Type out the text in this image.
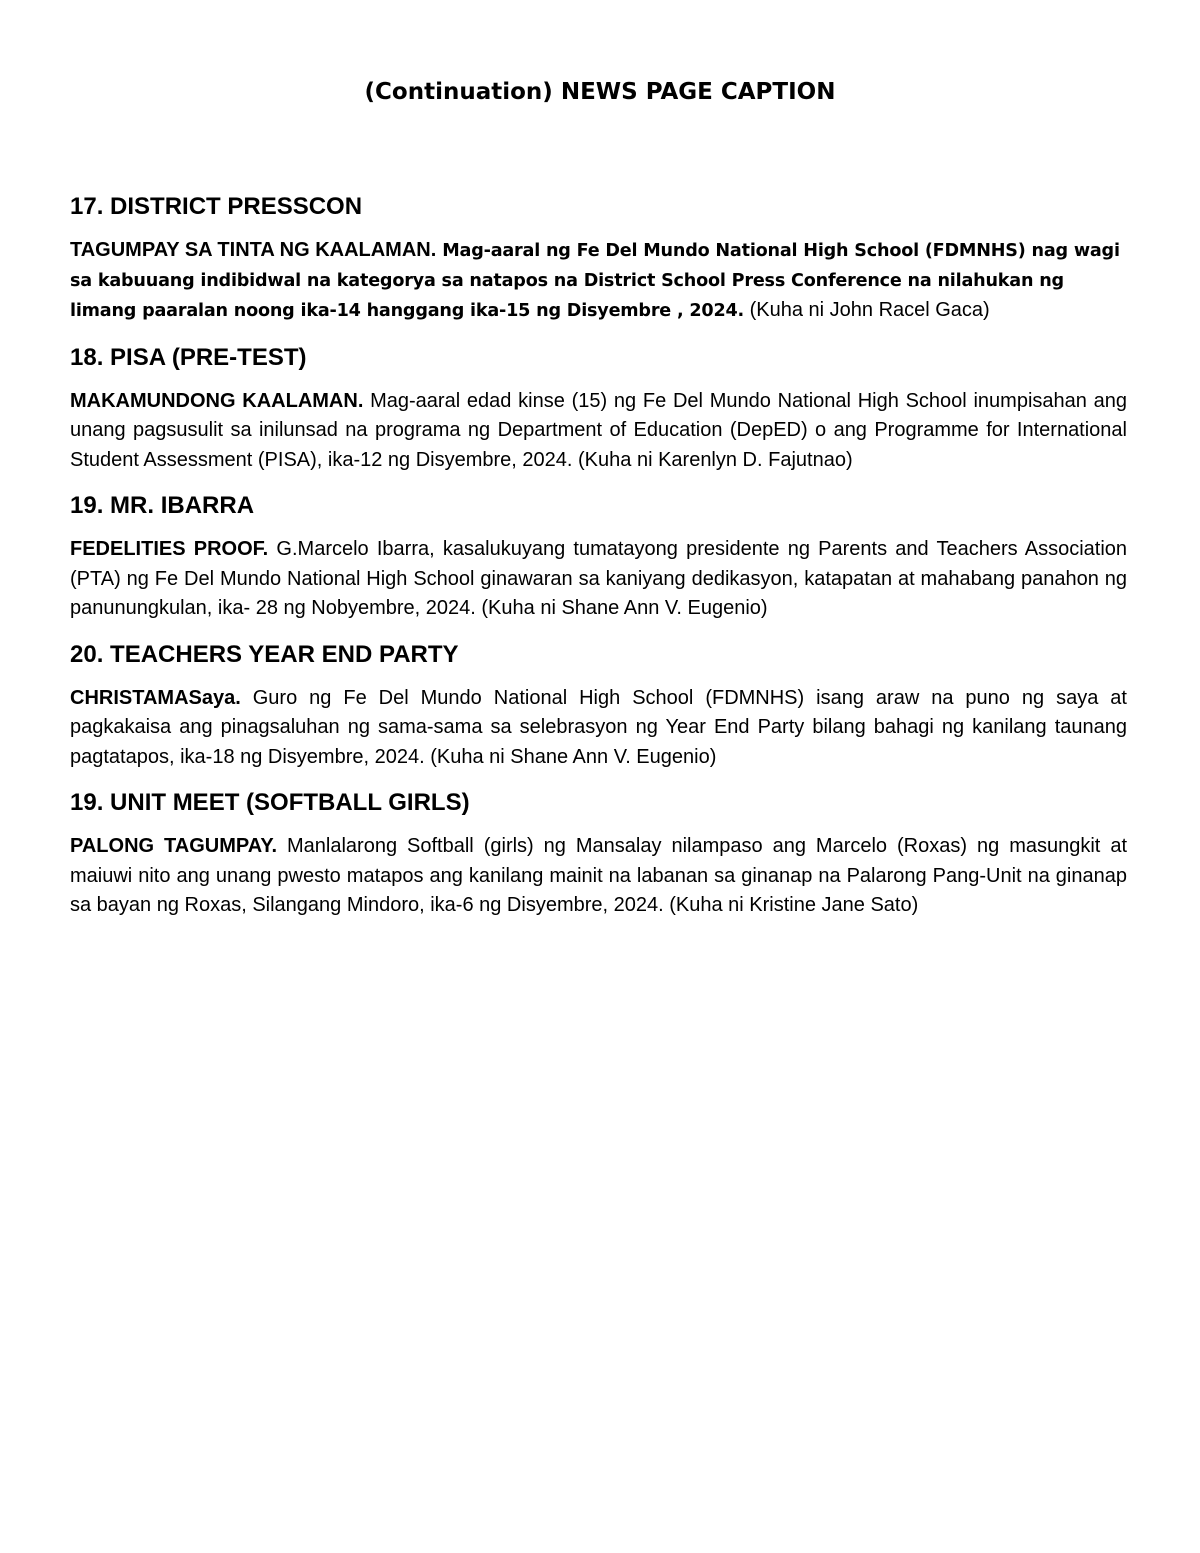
(Continuation) NEWS PAGE CAPTION
17. DISTRICT PRESSCON

TAGUMPAY SA TINTA NG KAALAMAN. Mag-aaral ng Fe Del Mundo National High School (FDMNHS) nag wagi sa kabuuang indibidwal na kategorya sa natapos na District School Press Conference na nilahukan ng limang paaralan noong ika-14 hanggang ika-15 ng Disyembre , 2024. (Kuha ni John Racel Gaca)

18. PISA (PRE-TEST)

MAKAMUNDONG KAALAMAN. Mag-aaral edad kinse (15) ng Fe Del Mundo National High School inumpisahan ang unang pagsusulit sa inilunsad na programa ng Department of Education (DepED) o ang Programme for International Student Assessment (PISA), ika-12 ng Disyembre, 2024. (Kuha ni Karenlyn D. Fajutnao)

19. MR. IBARRA

FEDELITIES PROOF. G.Marcelo Ibarra, kasalukuyang tumatayong presidente ng Parents and Teachers Association (PTA) ng Fe Del Mundo National High School ginawaran sa kaniyang dedikasyon, katapatan at mahabang panahon ng panunungkulan, ika- 28 ng Nobyembre, 2024. (Kuha ni Shane Ann V. Eugenio)

20. TEACHERS YEAR END PARTY

CHRISTAMASaya. Guro ng Fe Del Mundo National High School (FDMNHS) isang araw na puno ng saya at pagkakaisa ang pinagsaluhan ng sama-sama sa selebrasyon ng Year End Party bilang bahagi ng kanilang taunang pagtatapos, ika-18 ng Disyembre, 2024. (Kuha ni Shane Ann V. Eugenio)

19. UNIT MEET (SOFTBALL GIRLS)

PALONG TAGUMPAY. Manlalarong Softball (girls) ng Mansalay nilampaso ang Marcelo (Roxas) ng masungkit at maiuwi nito ang unang pwesto matapos ang kanilang mainit na labanan sa ginanap na Palarong Pang-Unit na ginanap sa bayan ng Roxas, Silangang Mindoro, ika-6 ng Disyembre, 2024. (Kuha ni Kristine Jane Sato)
